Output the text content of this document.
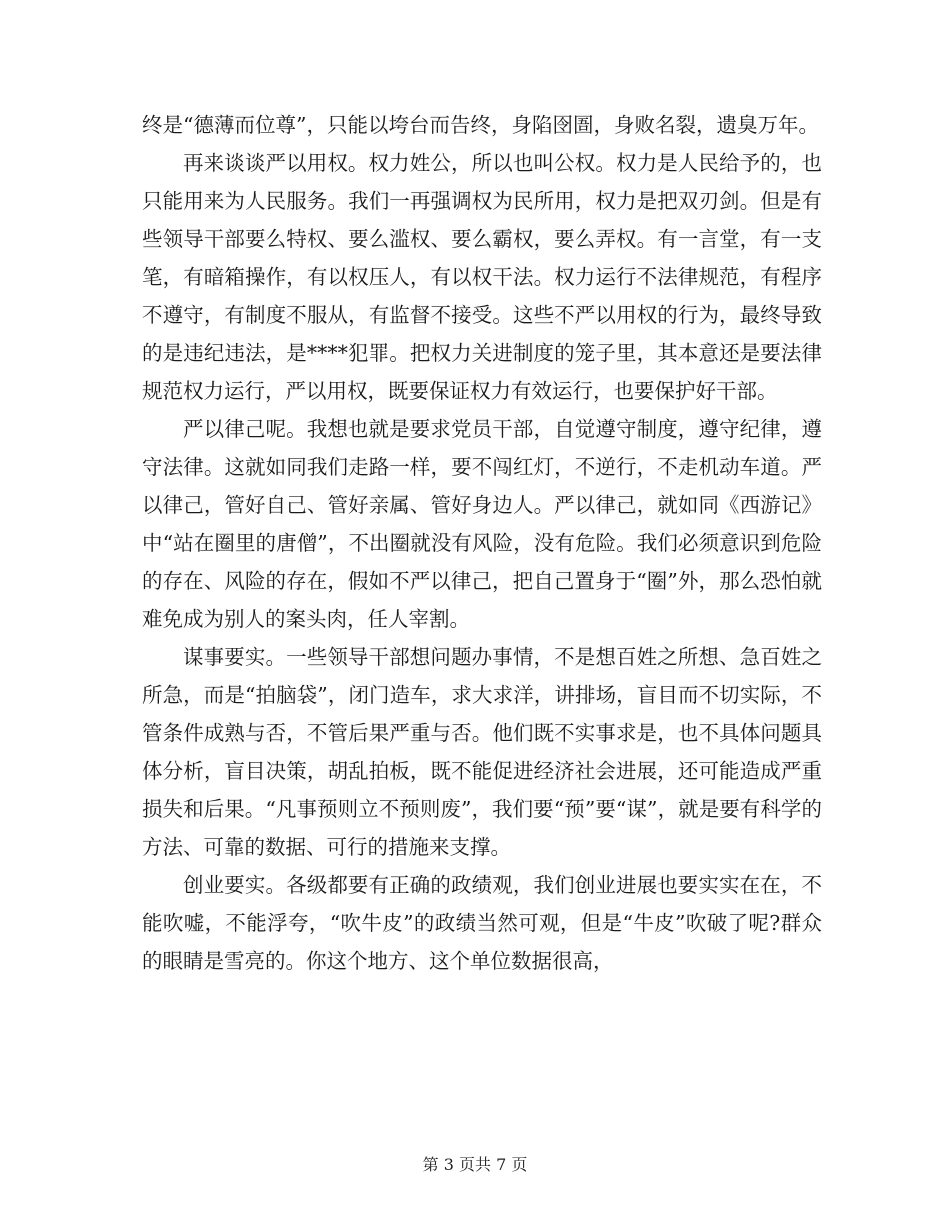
终是“德薄而位尊”，只能以垮台而告终，身陷囹圄，身败名裂，遗臭万年。

再来谈谈严以用权。权力姓公，所以也叫公权。权力是人民给予的，也只能用来为人民服务。我们一再强调权为民所用，权力是把双刃剑。但是有些领导干部要么特权、要么滥权、要么霸权，要么弄权。有一言堂，有一支笔，有暗箱操作，有以权压人，有以权干法。权力运行不法律规范，有程序不遵守，有制度不服从，有监督不接受。这些不严以用权的行为，最终导致的是违纪违法，是****犯罪。把权力关进制度的笼子里，其本意还是要法律规范权力运行，严以用权，既要保证权力有效运行，也要保护好干部。

严以律己呢。我想也就是要求党员干部，自觉遵守制度，遵守纪律，遵守法律。这就如同我们走路一样，要不闯红灯，不逆行，不走机动车道。严以律己，管好自己、管好亲属、管好身边人。严以律己，就如同《西游记》中“站在圈里的唐僧”，不出圈就没有风险，没有危险。我们必须意识到危险的存在、风险的存在，假如不严以律己，把自己置身于“圈”外，那么恐怕就难免成为别人的案头肉，任人宰割。

谋事要实。一些领导干部想问题办事情，不是想百姓之所想、急百姓之所急，而是“拍脑袋”，闭门造车，求大求洋，讲排场，盲目而不切实际，不管条件成熟与否，不管后果严重与否。他们既不实事求是，也不具体问题具体分析，盲目决策，胡乱拍板，既不能促进经济社会进展，还可能造成严重损失和后果。“凡事预则立不预则废”，我们要“预”要“谋”，就是要有科学的方法、可靠的数据、可行的措施来支撑。

创业要实。各级都要有正确的政绩观，我们创业进展也要实实在在，不能吹嘘，不能浮夸，“吹牛皮”的政绩当然可观，但是“牛皮”吹破了呢?群众的眼睛是雪亮的。你这个地方、这个单位数据很高，

第 3 页共 7 页
